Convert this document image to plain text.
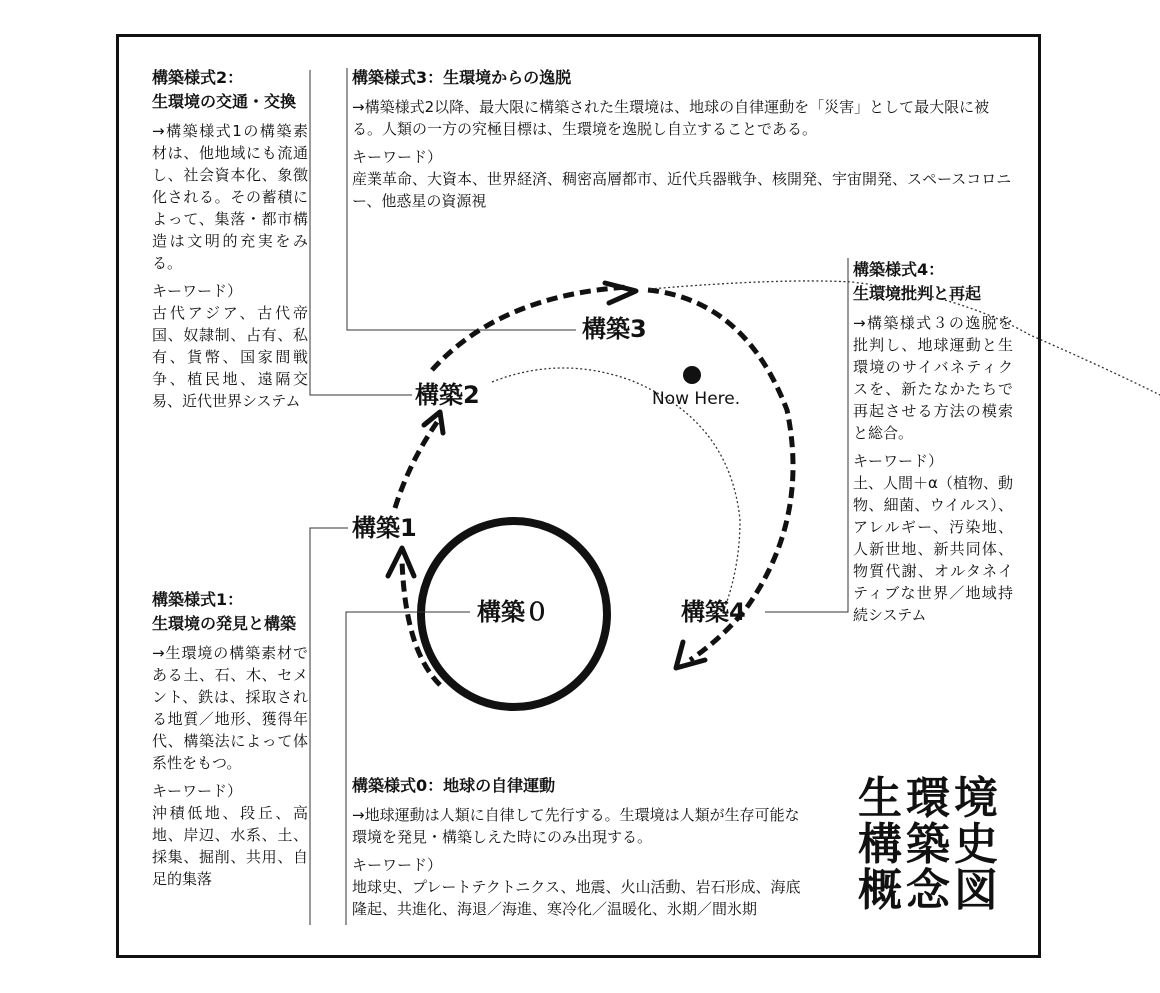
構築０
構築1
構築2
構築3
構築4
Now Here.
構築様式2：
生環境の交通・交換
→構築様式1の構築素材は、他地域にも流通し、社会資本化、象徴化される。その蓄積によって、集落・都市構造は文明的充実をみる。
キーワード）
古代アジア、古代帝国、奴隷制、占有、私有、貨幣、国家間戦争、植民地、遠隔交易、近代世界システム
構築様式3：生環境からの逸脱
→構築様式2以降、最大限に構築された生環境は、地球の自律運動を「災害」として最大限に被る。人類の一方の究極目標は、生環境を逸脱し自立することである。
キーワード）
産業革命、大資本、世界経済、稠密高層都市、近代兵器戦争、核開発、宇宙開発、スペースコロニー、他惑星の資源視
構築様式4：
生環境批判と再起
→構築様式３の逸脱を批判し、地球運動と生環境のサイバネティクスを、新たなかたちで再起させる方法の模索と総合。
キーワード）
土、人間＋α（植物、動物、細菌、ウイルス）、アレルギー、汚染地、人新世地、新共同体、物質代謝、オルタネイティブな世界／地域持続システム
構築様式1：
生環境の発見と構築
→生環境の構築素材である土、石、木、セメント、鉄は、採取される地質／地形、獲得年代、構築法によって体系性をもつ。
キーワード）
沖積低地、段丘、高地、岸辺、水系、土、採集、掘削、共用、自足的集落
構築様式0：地球の自律運動
→地球運動は人類に自律して先行する。生環境は人類が生存可能な環境を発見・構築しえた時にのみ出現する。
キーワード）
地球史、プレートテクトニクス、地震、火山活動、岩石形成、海底隆起、共進化、海退／海進、寒冷化／温暖化、氷期／間氷期
生環境
構築史
概念図
